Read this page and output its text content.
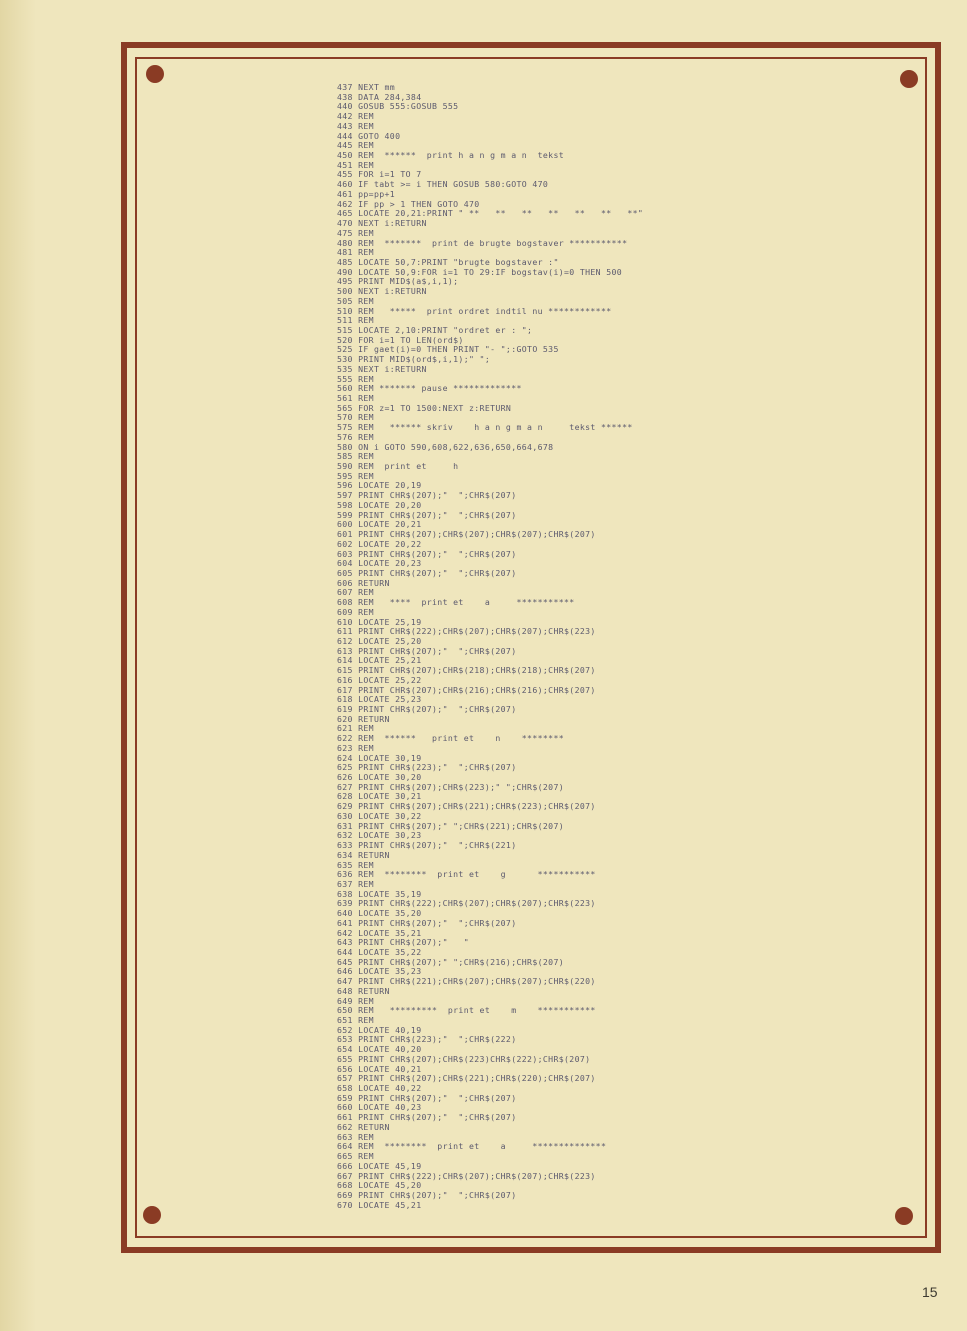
437 NEXT mm
438 DATA 284,384
440 GOSUB 555:GOSUB 555
442 REM
443 REM
444 GOTO 400
445 REM
450 REM  ******  print h a n g m a n  tekst
451 REM
455 FOR i=1 TO 7
460 IF tabt >= i THEN GOSUB 580:GOTO 470
461 pp=pp+1
462 IF pp > 1 THEN GOTO 470
465 LOCATE 20,21:PRINT " **   **   **   **   **   **   **"
470 NEXT i:RETURN
475 REM
480 REM  *******  print de brugte bogstaver ***********
481 REM
485 LOCATE 50,7:PRINT "brugte bogstaver :"
490 LOCATE 50,9:FOR i=1 TO 29:IF bogstav(i)=0 THEN 500
495 PRINT MID$(a$,i,1);
500 NEXT i:RETURN
505 REM
510 REM   *****  print ordret indtil nu ************
511 REM
515 LOCATE 2,10:PRINT "ordret er : ";
520 FOR i=1 TO LEN(ord$)
525 IF gaet(i)=0 THEN PRINT "- ";:GOTO 535
530 PRINT MID$(ord$,i,1);" ";
535 NEXT i:RETURN
555 REM
560 REM ******* pause *************
561 REM
565 FOR z=1 TO 1500:NEXT z:RETURN
570 REM
575 REM   ****** skriv    h a n g m a n     tekst ******
576 REM
580 ON i GOTO 590,608,622,636,650,664,678
585 REM
590 REM  print et     h
595 REM
596 LOCATE 20,19
597 PRINT CHR$(207);"  ";CHR$(207)
598 LOCATE 20,20
599 PRINT CHR$(207);"  ";CHR$(207)
600 LOCATE 20,21
601 PRINT CHR$(207);CHR$(207);CHR$(207);CHR$(207)
602 LOCATE 20,22
603 PRINT CHR$(207);"  ";CHR$(207)
604 LOCATE 20,23
605 PRINT CHR$(207);"  ";CHR$(207)
606 RETURN
607 REM
608 REM   ****  print et    a     ***********
609 REM
610 LOCATE 25,19
611 PRINT CHR$(222);CHR$(207);CHR$(207);CHR$(223)
612 LOCATE 25,20
613 PRINT CHR$(207);"  ";CHR$(207)
614 LOCATE 25,21
615 PRINT CHR$(207);CHR$(218);CHR$(218);CHR$(207)
616 LOCATE 25,22
617 PRINT CHR$(207);CHR$(216);CHR$(216);CHR$(207)
618 LOCATE 25,23
619 PRINT CHR$(207);"  ";CHR$(207)
620 RETURN
621 REM
622 REM  ******   print et    n    ********
623 REM
624 LOCATE 30,19
625 PRINT CHR$(223);"  ";CHR$(207)
626 LOCATE 30,20
627 PRINT CHR$(207);CHR$(223);" ";CHR$(207)
628 LOCATE 30,21
629 PRINT CHR$(207);CHR$(221);CHR$(223);CHR$(207)
630 LOCATE 30,22
631 PRINT CHR$(207);" ";CHR$(221);CHR$(207)
632 LOCATE 30,23
633 PRINT CHR$(207);"  ";CHR$(221)
634 RETURN
635 REM
636 REM  ********  print et    g      ***********
637 REM
638 LOCATE 35,19
639 PRINT CHR$(222);CHR$(207);CHR$(207);CHR$(223)
640 LOCATE 35,20
641 PRINT CHR$(207);"  ";CHR$(207)
642 LOCATE 35,21
643 PRINT CHR$(207);"   "
644 LOCATE 35,22
645 PRINT CHR$(207);" ";CHR$(216);CHR$(207)
646 LOCATE 35,23
647 PRINT CHR$(221);CHR$(207);CHR$(207);CHR$(220)
648 RETURN
649 REM
650 REM   *********  print et    m    ***********
651 REM
652 LOCATE 40,19
653 PRINT CHR$(223);"  ";CHR$(222)
654 LOCATE 40,20
655 PRINT CHR$(207);CHR$(223)CHR$(222);CHR$(207)
656 LOCATE 40,21
657 PRINT CHR$(207);CHR$(221);CHR$(220);CHR$(207)
658 LOCATE 40,22
659 PRINT CHR$(207);"  ";CHR$(207)
660 LOCATE 40,23
661 PRINT CHR$(207);"  ";CHR$(207)
662 RETURN
663 REM
664 REM  ********  print et    a     **************
665 REM
666 LOCATE 45,19
667 PRINT CHR$(222);CHR$(207);CHR$(207);CHR$(223)
668 LOCATE 45,20
669 PRINT CHR$(207);"  ";CHR$(207)
670 LOCATE 45,21
15
